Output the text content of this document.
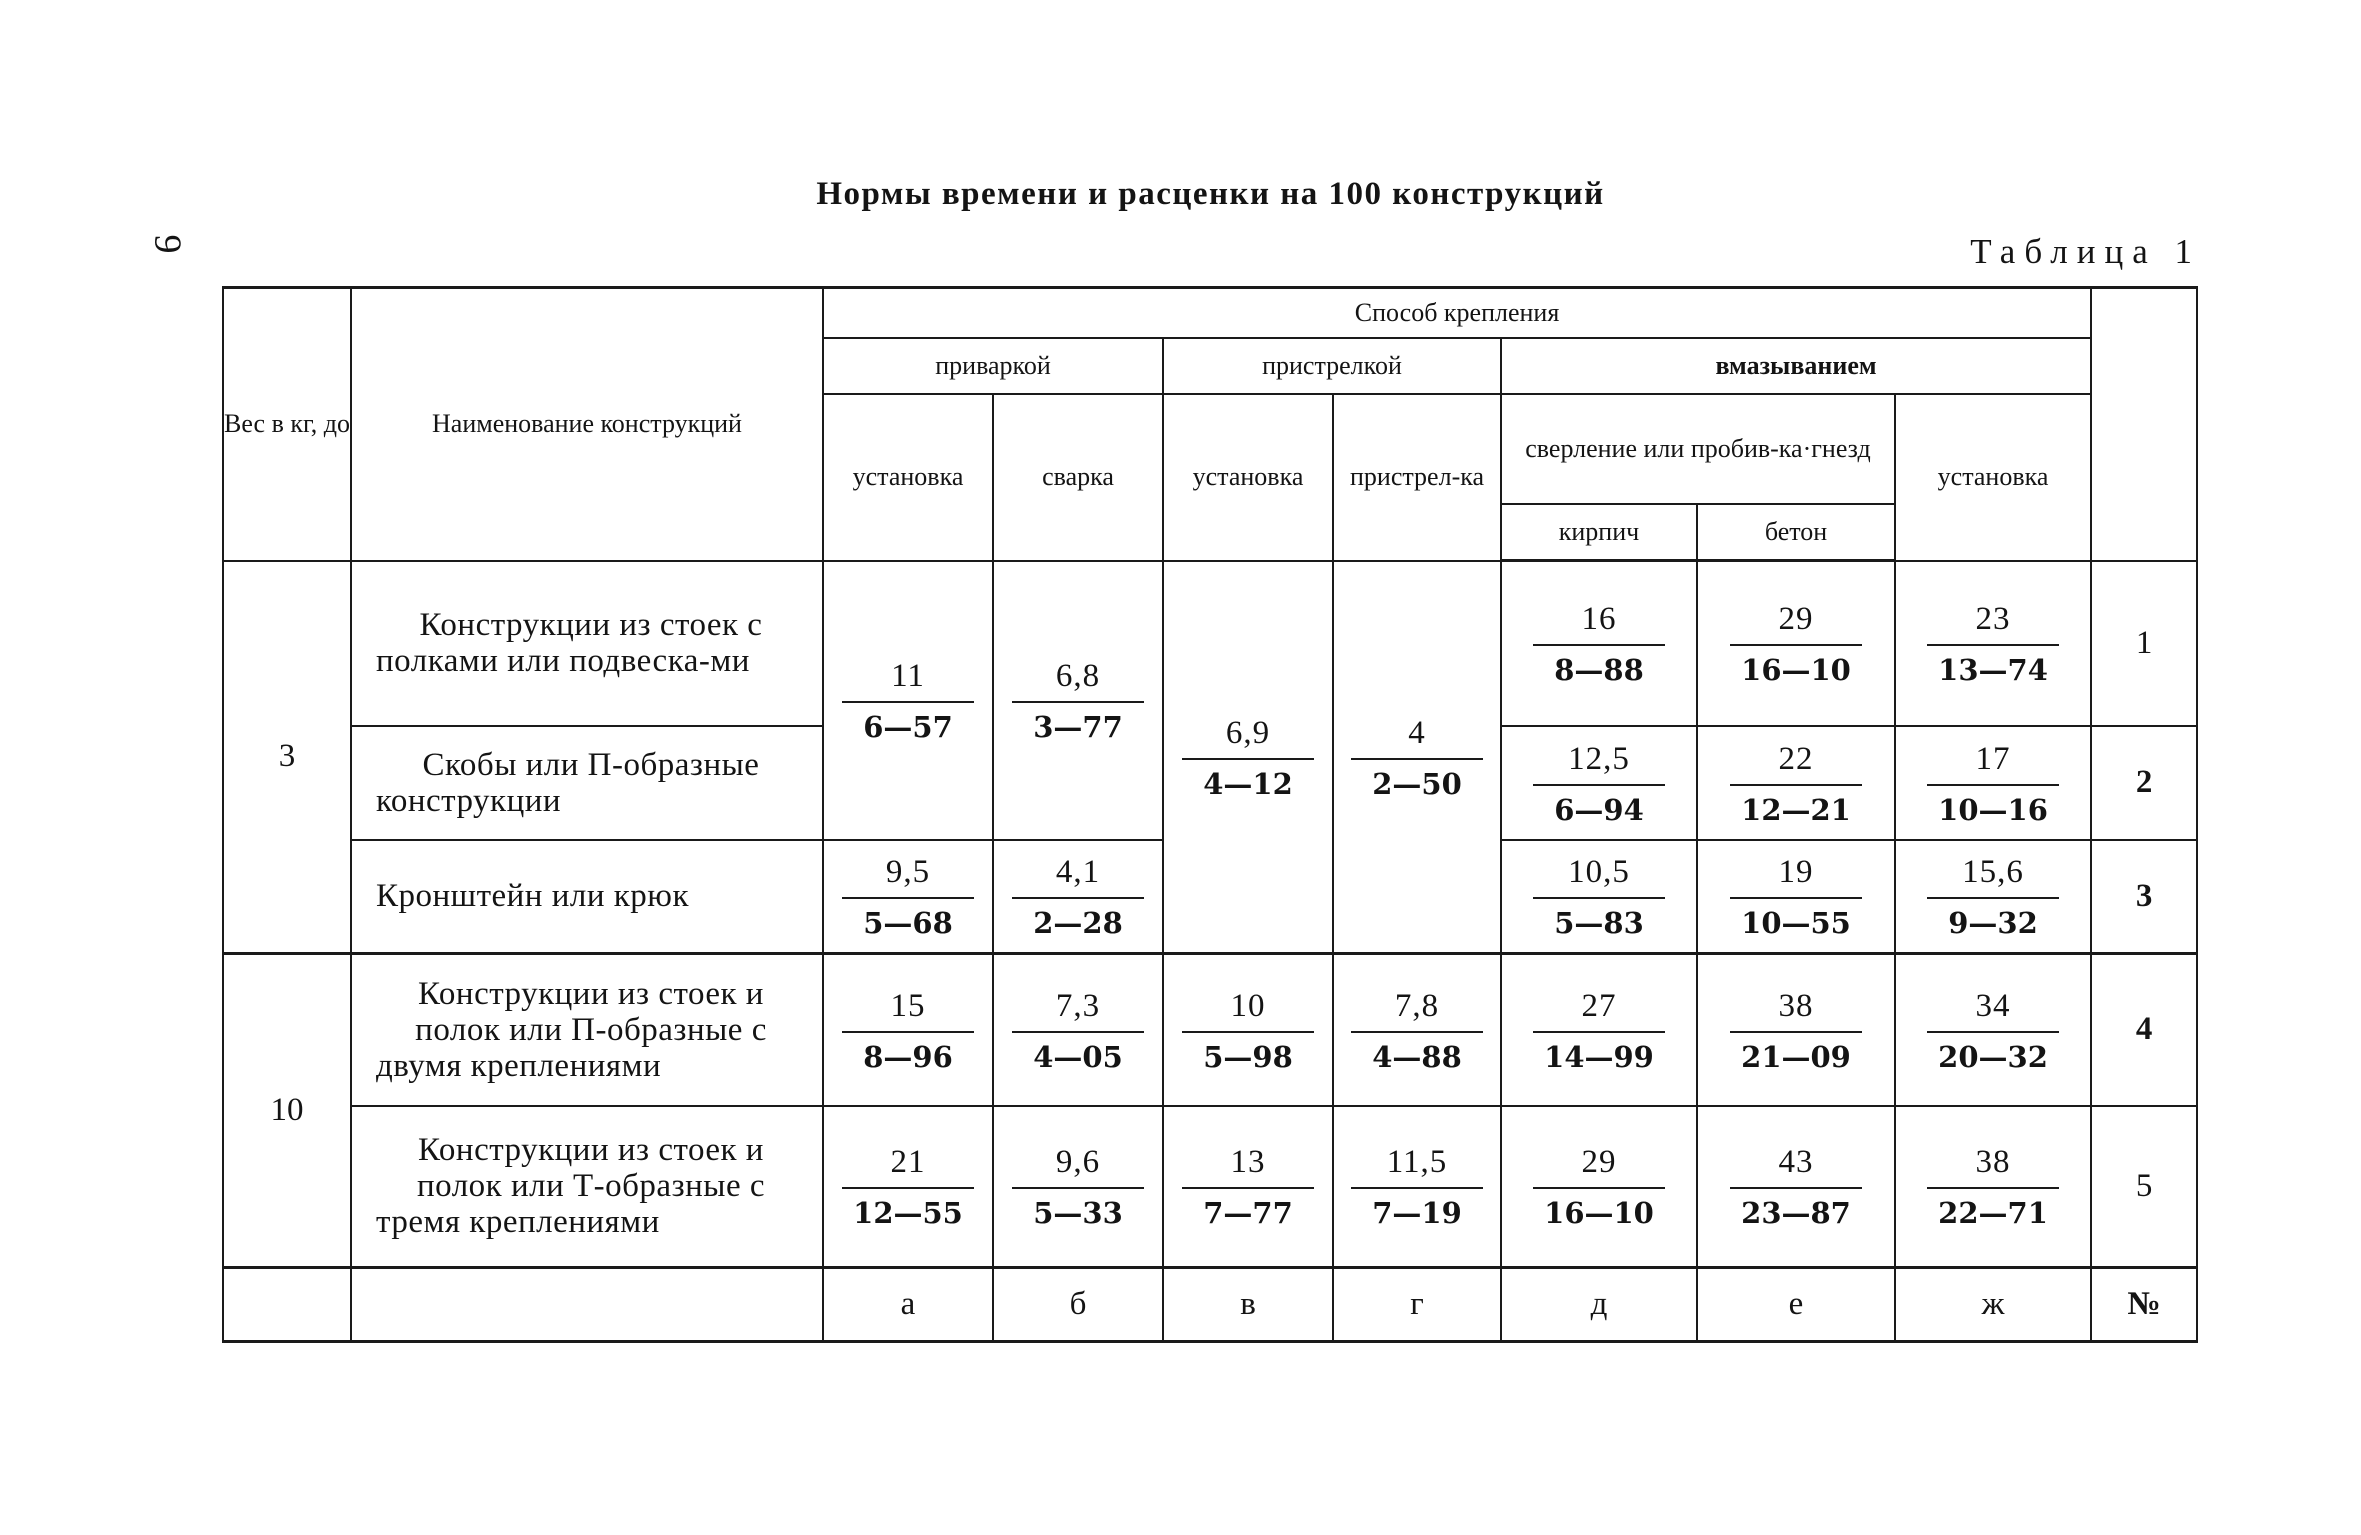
9
Нормы времени и расценки на 100 конструкций
Таблица 1
Вес в кг, до	Наименование конструкций	Способ крепления							
		приваркой		пристрелкой		вмазыванием			
		установка	сварка	установка	пристрел-ка	сверление или пробив-ка·гнезд		установка	
						кирпич	бетон		
3	Конструкции из стоек с полками или подвеска-ми	$\frac{11}{6—57}$	$\frac{6,8}{3—77}$	$\frac{6,9}{4—12}$	$\frac{4}{2—50}$	$\frac{16}{8—88}$	$\frac{29}{16—10}$	$\frac{23}{13—74}$	1
	Скобы или П-образные конструкции					$\frac{12,5}{6—94}$	$\frac{22}{12—21}$	$\frac{17}{10—16}$	2
	Кронштейн или крюк	$\frac{9,5}{5—68}$	$\frac{4,1}{2—28}$			$\frac{10,5}{5—83}$	$\frac{19}{10—55}$	$\frac{15,6}{9—32}$	3
10	Конструкции из стоек и полок или П-образные с двумя креплениями	$\frac{15}{8—96}$	$\frac{7,3}{4—05}$	$\frac{10}{5—98}$	$\frac{7,8}{4—88}$	$\frac{27}{14—99}$	$\frac{38}{21—09}$	$\frac{34}{20—32}$	4
	Конструкции из стоек и полок или Т-образные с тремя креплениями	$\frac{21}{12—55}$	$\frac{9,6}{5—33}$	$\frac{13}{7—77}$	$\frac{11,5}{7—19}$	$\frac{29}{16—10}$	$\frac{43}{23—87}$	$\frac{38}{22—71}$	5
		а	б	в	г	д	е	ж	№
